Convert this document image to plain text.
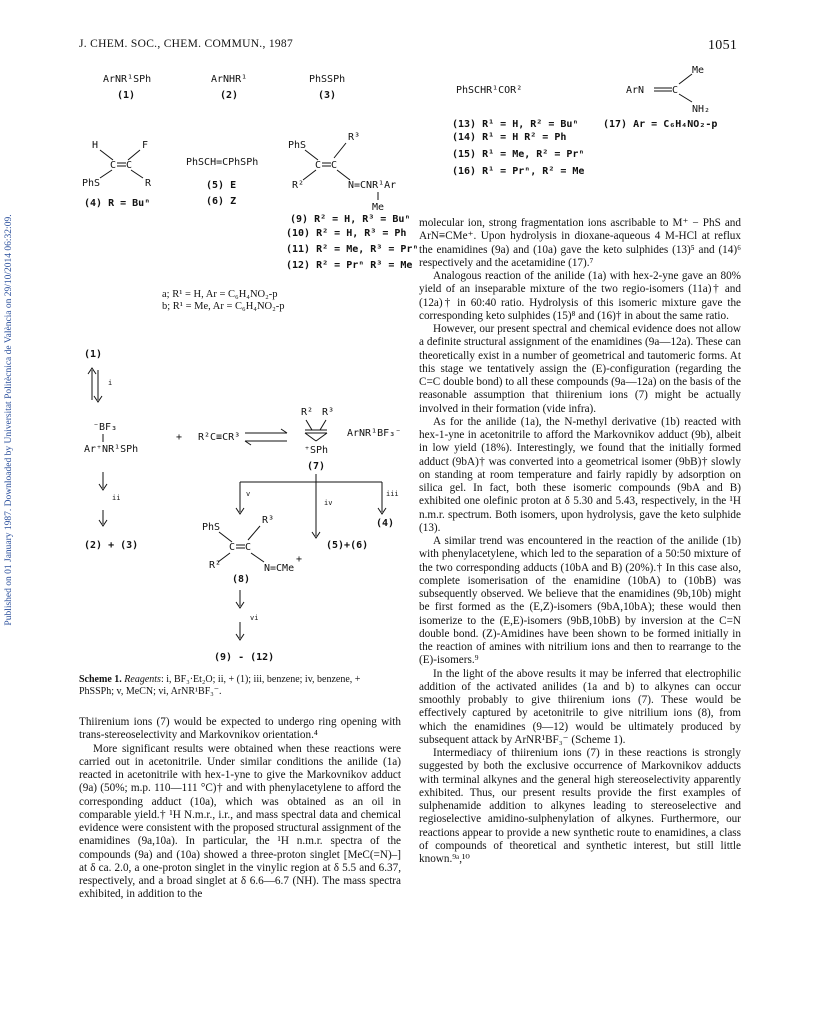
Published on 01 January 1987. Downloaded by Universitat Politècnica de València on 29/10/2014 06:32:09.
J. CHEM. SOC., CHEM. COMMUN., 1987	1051
ArNR¹SPh
(1)
ArNHR¹
(2)
PhSSPh
(3)	PhSCHR¹COR²	ArN	C
Me
NH₂
(13) R¹ = H, R² = Buⁿ
(14) R¹ = H R² = Ph
(15) R¹ = Me, R² = Prⁿ
(16) R¹ = Prⁿ, R² = Me
(17) Ar = C₆H₄NO₂-p
H	F
C C
PhS	R
(4) R = Buⁿ
PhSCH=CPhSPh
(5) E
(6) Z
PhS
R³
C C
R²	N=CNR¹Ar
Me
(9) R² = H, R³ = Buⁿ
(10) R² = H, R³ = Ph
(11) R² = Me, R³ = Prⁿ
(12) R² = Prⁿ R³ = Me
(1)
i
⁻BF₃
Ar⁺NR¹SPh
+ R²C≡CR³
R² R³
⁺SPh
ArNR¹BF₃⁻
(7)
ii
(2) + (3)
v
iv
iii
(4)
(5)+(6)
PhS
R³
C C
R²
+
N=CMe
(8)
vi
(9) - (12)
a; R¹ = H, Ar = C₆H₄NO₂-p
b; R¹ = Me, Ar = C₆H₄NO₂-p
Scheme 1. Reagents: i, BF₃·Et₂O; ii, + (1); iii, benzene; iv, benzene, + PhSSPh; v, MeCN; vi, ArNR¹BF₃⁻.

Thiirenium ions (7) would be expected to undergo ring opening with trans-stereoselectivity and Markovnikov orientation.⁴

More significant results were obtained when these reactions were carried out in acetonitrile. Under similar conditions the anilide (1a) reacted in acetonitrile with hex-1-yne to give the Markovnikov adduct (9a) (50%; m.p. 110—111 °C)† and with phenylacetylene to afford the corresponding adduct (10a), which was obtained as an oil in comparable yield.† ¹H N.m.r., i.r., and mass spectral data and chemical evidence were consistent with the proposed structural assignment of the enamidines (9a,10a). In particular, the ¹H n.m.r. spectra of the compounds (9a) and (10a) showed a three-proton singlet [MeC(=N)–] at δ ca. 2.0, a one-proton singlet in the vinylic region at δ 5.5 and 6.37, respectively, and a broad singlet at δ 6.6—6.7 (NH). The mass spectra exhibited, in addition to the

molecular ion, strong fragmentation ions ascribable to M⁺ − PhS and ArN≡CMe⁺. Upon hydrolysis in dioxane-aqueous 4 M-HCl at reflux the enamidines (9a) and (10a) gave the keto sulphides (13)⁵ and (14)⁶ respectively and the acetamidine (17).⁷

Analogous reaction of the anilide (1a) with hex-2-yne gave an 80% yield of an inseparable mixture of the two regio-isomers (11a)† and (12a)† in 60:40 ratio. Hydrolysis of this isomeric mixture gave the corresponding keto sulphides (15)⁸ and (16)† in about the same ratio.

However, our present spectral and chemical evidence does not allow a definite structural assignment of the enamidines (9a—12a). These can theoretically exist in a number of geometrical and tautomeric forms. At this stage we tentatively assign the (E)-configuration (regarding the C=C double bond) to all these compounds (9a—12a) on the basis of the reasonable assumption that thiirenium ions (7) might be actually involved in their formation (vide infra).

As for the anilide (1a), the N-methyl derivative (1b) reacted with hex-1-yne in acetonitrile to afford the Markovnikov adduct (9b), albeit in low yield (18%). Interestingly, we found that the initially formed adduct (9bA)† was converted into a geometrical isomer (9bB)† slowly on standing at room temperature and fairly rapidly by adsorption on silica gel. In fact, both these isomeric compounds (9bA and B) exhibited one olefinic proton at δ 5.30 and 5.43, respectively, in the ¹H n.m.r. spectrum. Both isomers, upon hydrolysis, gave the keto sulphide (13).

A similar trend was encountered in the reaction of the anilide (1b) with phenylacetylene, which led to the separation of a 50:50 mixture of the two corresponding adducts (10bA and B) (20%).† In this case also, complete isomerisation of the enamidine (10bA) to (10bB) was subsequently observed. We believe that the enamidines (9b,10b) might be first formed as the (E,Z)-isomers (9bA,10bA); these would then isomerize to the (E,E)-isomers (9bB,10bB) by inversion at the C=N double bond. (Z)-Amidines have been shown to be formed initially in the reaction of amines with nitrilium ions and then to rearrange to the (E)-isomers.⁹

In the light of the above results it may be inferred that electrophilic addition of the activated anilides (1a and b) to alkynes can occur smoothly probably to give thiirenium ions (7). These would be effectively captured by acetonitrile to give nitrilium ions (8), from which the enamidines (9—12) would be ultimately produced by subsequent attack by ArNR¹BF₃⁻ (Scheme 1).

Intermediacy of thiirenium ions (7) in these reactions is strongly suggested by both the exclusive occurrence of Markovnikov adducts with terminal alkynes and the general high stereoselectivity apparently exhibited. Thus, our present results provide the first examples of sulphenamide addition to alkynes leading to stereoselective and regioselective amidino-sulphenylation of alkynes. Furthermore, our reactions appear to provide a new synthetic route to enamidines, a class of compounds of theoretical and synthetic interest, but still little known.⁹ᵃ,¹⁰
